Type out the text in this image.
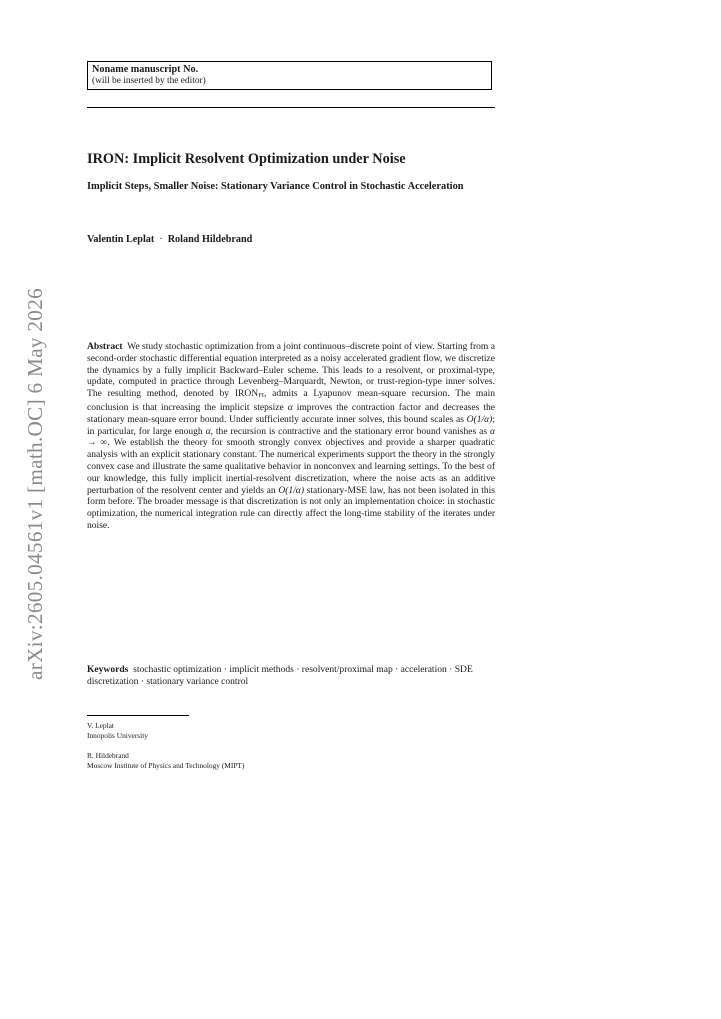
arXiv:2605.04561v1 [math.OC] 6 May 2026
Noname manuscript No.
(will be inserted by the editor)
IRON: Implicit Resolvent Optimization under Noise
Implicit Steps, Smaller Noise: Stationary Variance Control in Stochastic Acceleration
Valentin Leplat · Roland Hildebrand
Abstract We study stochastic optimization from a joint continuous–discrete point of view. Starting from a second-order stochastic differential equation interpreted as a noisy accelerated gradient flow, we discretize the dynamics by a fully implicit Backward–Euler scheme. This leads to a resolvent, or proximal-type, update, computed in practice through Levenberg–Marquardt, Newton, or trust-region-type inner solves. The resulting method, denoted by $IRON_{FI}$, admits a Lyapunov mean-square recursion. The main conclusion is that increasing the implicit stepsize α improves the contraction factor and decreases the stationary mean-square error bound. Under sufficiently accurate inner solves, this bound scales as O(1/α); in particular, for large enough α, the recursion is contractive and the stationary error bound vanishes as α → ∞. We establish the theory for smooth strongly convex objectives and provide a sharper quadratic analysis with an explicit stationary constant. The numerical experiments support the theory in the strongly convex case and illustrate the same qualitative behavior in nonconvex and learning settings. To the best of our knowledge, this fully implicit inertial-resolvent discretization, where the noise acts as an additive perturbation of the resolvent center and yields an O(1/α) stationary-MSE law, has not been isolated in this form before. The broader message is that discretization is not only an implementation choice: in stochastic optimization, the numerical integration rule can directly affect the long-time stability of the iterates under noise.
Keywords stochastic optimization · implicit methods · resolvent/proximal map · acceleration · SDE discretization · stationary variance control
V. Leplat
Innopolis University
R. Hildebrand
Moscow Institute of Physics and Technology (MIPT)
